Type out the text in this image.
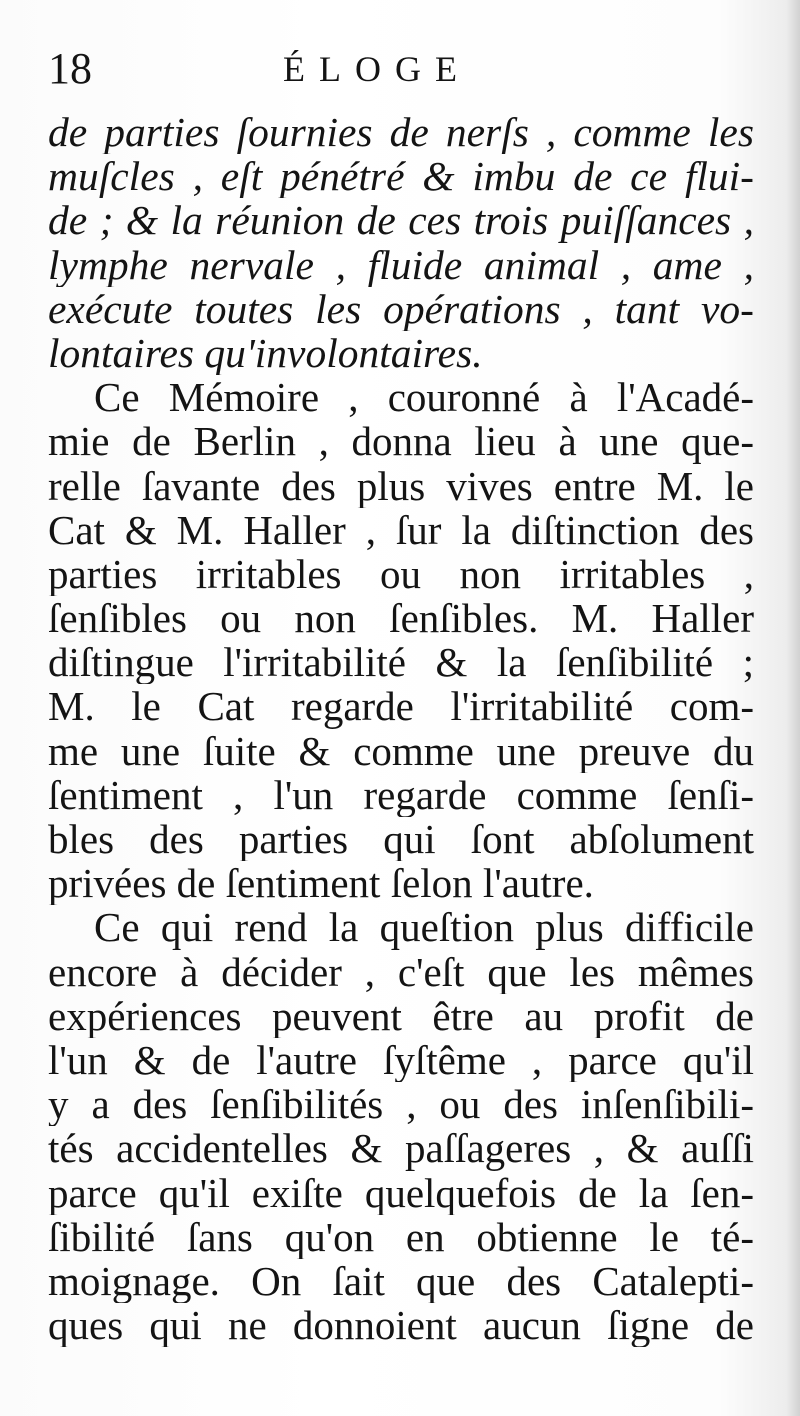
18	ÉLOGE
de parties ſournies de nerſs , comme les
muſcles , eſt pénétré & imbu de ce flui-
de ; & la réunion de ces trois puiſſances ,
lymphe nervale , fluide animal , ame ,
exécute toutes les opérations , tant vo-
lontaires qu'involontaires.
Ce Mémoire , couronné à l'Acadé-
mie de Berlin , donna lieu à une que-
relle ſavante des plus vives entre M. le
Cat & M. Haller , ſur la diſtinction des
parties irritables ou non irritables ,
ſenſibles ou non ſenſibles. M. Haller
diſtingue l'irritabilité & la ſenſibilité ;
M. le Cat regarde l'irritabilité com-
me une ſuite & comme une preuve du
ſentiment , l'un regarde comme ſenſi-
bles des parties qui ſont abſolument
privées de ſentiment ſelon l'autre.
Ce qui rend la queſtion plus difficile
encore à décider , c'eſt que les mêmes
expériences peuvent être au profit de
l'un & de l'autre ſyſtême , parce qu'il
y a des ſenſibilités , ou des inſenſibili-
tés accidentelles & paſſageres , & auſſi
parce qu'il exiſte quelquefois de la ſen-
ſibilité ſans qu'on en obtienne le té-
moignage. On ſait que des Catalepti-
ques qui ne donnoient aucun ſigne de
